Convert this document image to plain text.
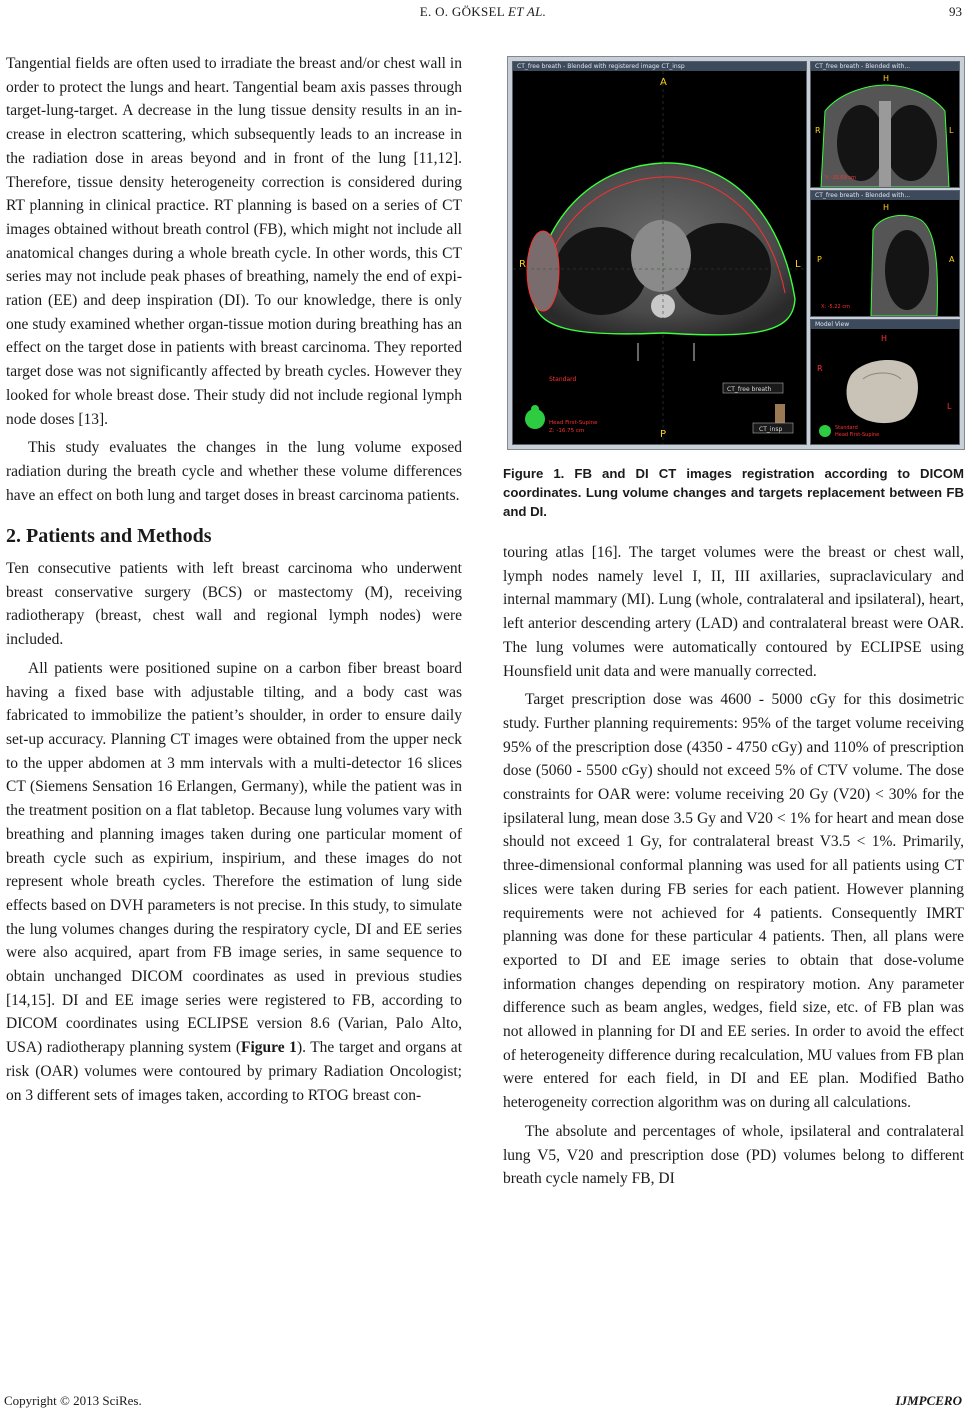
E. O. GÖKSEL ET AL.	93

Tangential fields are often used to irradiate the breast and/or chest wall in order to protect the lungs and heart. Tangential beam axis passes through target-lung-target. A decrease in the lung tissue density results in an increase in electron scattering, which subsequently leads to an increase in the radiation dose in areas beyond and in front of the lung [11,12]. Therefore, tissue density heterogeneity correction is considered during RT planning in clinical practice. RT planning is based on a series of CT images obtained without breath control (FB), which might not include all anatomical changes during a whole breath cycle. In other words, this CT series may not include peak phases of breathing, namely the end of expiration (EE) and deep inspiration (DI). To our knowledge, there is only one study examined whether organ-tissue motion during breathing has an effect on the target dose in patients with breast carcinoma. They reported target dose was not significantly affected by breath cycles. However they looked for whole breast dose. Their study did not include regional lymph node doses [13].

This study evaluates the changes in the lung volume exposed radiation during the breath cycle and whether these volume differences have an effect on both lung and target doses in breast carcinoma patients.

2. Patients and Methods

Ten consecutive patients with left breast carcinoma who underwent breast conservative surgery (BCS) or mastectomy (M), receiving radiotherapy (breast, chest wall and regional lymph nodes) were included.

All patients were positioned supine on a carbon fiber breast board having a fixed base with adjustable tilting, and a body cast was fabricated to immobilize the patient’s shoulder, in order to ensure daily set-up accuracy. Planning CT images were obtained from the upper neck to the upper abdomen at 3 mm intervals with a multi-detector 16 slices CT (Siemens Sensation 16 Erlangen, Germany), while the patient was in the treatment position on a flat tabletop. Because lung volumes vary with breathing and planning images taken during one particular moment of breath cycle such as expirium, inspirium, and these images do not represent whole breath cycles. Therefore the estimation of lung side effects based on DVH parameters is not precise. In this study, to simulate the lung volumes changes during the respiratory cycle, DI and EE series were also acquired, apart from FB image series, in same sequence to obtain unchanged DICOM coordinates as used in previous studies [14,15]. DI and EE image series were registered to FB, according to DICOM coordinates using ECLIPSE version 8.6 (Varian, Palo Alto, USA) radiotherapy planning system (Figure 1). The target and organs at risk (OAR) volumes were contoured by primary Radiation Oncologist; on 3 different sets of images taken, according to RTOG breast con-

CT_free breath - Blended with registered image CT_insp
A
P
R	L
Standard
Head First-Supine
Z: -16.75 cm
CT_free breath
CT_insp
CT_free breath - Blended with...
H
R	L
Y: -25.69 cm
CT_free breath - Blended with...
H
P	A
X: -5.22 cm
Model View
H
R
L
Standard
Head First-Supine
Figure 1. FB and DI CT images registration according to DICOM coordinates. Lung volume changes and targets replacement between FB and DI.

touring atlas [16]. The target volumes were the breast or chest wall, lymph nodes namely level I, II, III axillaries, supraclaviculary and internal mammary (MI). Lung (whole, contralateral and ipsilateral), heart, left anterior descending artery (LAD) and contralateral breast were OAR. The lung volumes were automatically contoured by ECLIPSE using Hounsfield unit data and were manually corrected.

Target prescription dose was 4600 - 5000 cGy for this dosimetric study. Further planning requirements: 95% of the target volume receiving 95% of the prescription dose (4350 - 4750 cGy) and 110% of prescription dose (5060 - 5500 cGy) should not exceed 5% of CTV volume. The dose constraints for OAR were: volume receiving 20 Gy (V20) < 30% for the ipsilateral lung, mean dose 3.5 Gy and V20 < 1% for heart and mean dose should not exceed 1 Gy, for contralateral breast V3.5 < 1%. Primarily, three-dimensional conformal planning was used for all patients using CT slices were taken during FB series for each patient. However planning requirements were not achieved for 4 patients. Consequently IMRT planning was done for these particular 4 patients. Then, all plans were exported to DI and EE image series to obtain that dose-volume information changes depending on respiratory motion. Any parameter difference such as beam angles, wedges, field size, etc. of FB plan was not allowed in planning for DI and EE series. In order to avoid the effect of heterogeneity difference during recalculation, MU values from FB plan were entered for each field, in DI and EE plan. Modified Batho heterogeneity correction algorithm was on during all calculations.

The absolute and percentages of whole, ipsilateral and contralateral lung V5, V20 and prescription dose (PD) volumes belong to different breath cycle namely FB, DI

Copyright © 2013 SciRes.	IJMPCERO
